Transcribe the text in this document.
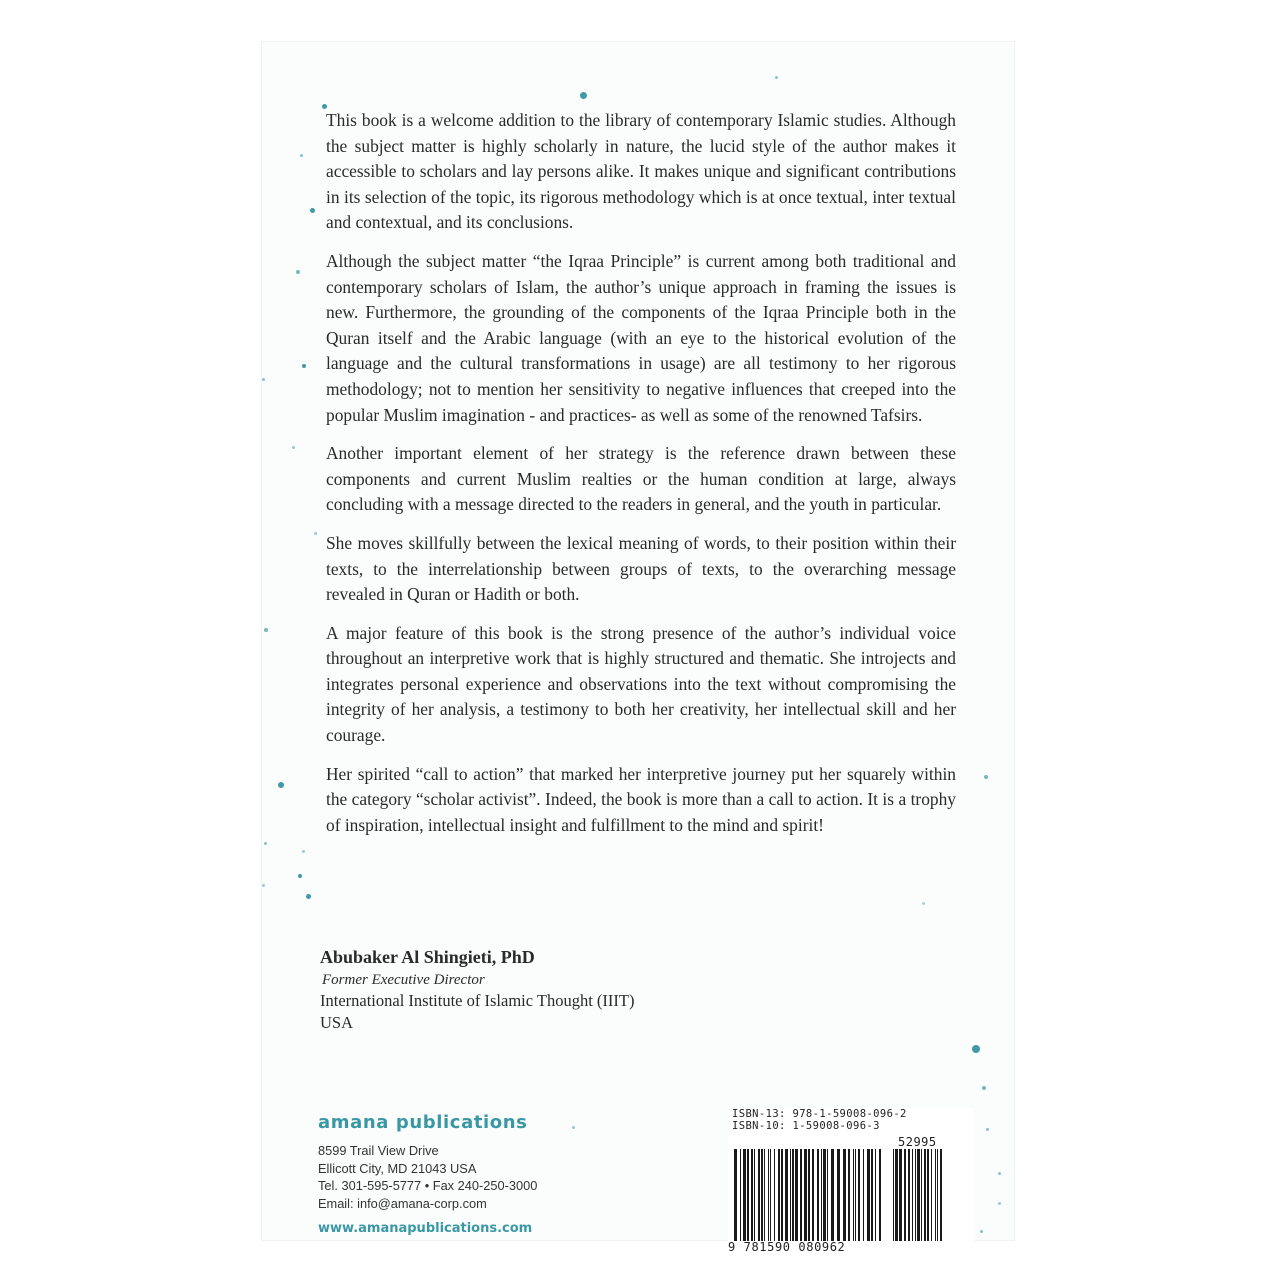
This book is a welcome addition to the library of contemporary Islamic studies. Although the subject matter is highly scholarly in nature, the lucid style of the author makes it accessible to scholars and lay persons alike. It makes unique and significant contributions in its selection of the topic, its rigorous methodology which is at once textual, inter textual and contextual, and its conclusions.

Although the subject matter “the Iqraa Principle” is current among both traditional and contemporary scholars of Islam, the author’s unique approach in framing the issues is new. Furthermore, the grounding of the components of the Iqraa Principle both in the Quran itself and the Arabic language (with an eye to the historical evolution of the language and the cultural transformations in usage) are all testimony to her rigorous methodology; not to mention her sensitivity to negative influences that creeped into the popular Muslim imagination - and practices- as well as some of the renowned Tafsirs.

Another important element of her strategy is the reference drawn between these components and current Muslim realties or the human condition at large, always concluding with a message directed to the readers in general, and the youth in particular.

She moves skillfully between the lexical meaning of words, to their position within their texts, to the interrelationship between groups of texts, to the overarching message revealed in Quran or Hadith or both.

A major feature of this book is the strong presence of the author’s individual voice throughout an interpretive work that is highly structured and thematic. She introjects and integrates personal experience and observations into the text without compromising the integrity of her analysis, a testimony to both her creativity, her intellectual skill and her courage.

Her spirited “call to action” that marked her interpretive journey put her squarely within the category “scholar activist”. Indeed, the book is more than a call to action. It is a trophy of inspiration, intellectual insight and fulfillment to the mind and spirit!

Abubaker Al Shingieti, PhD
Former Executive Director
International Institute of Islamic Thought (IIIT)
USA
amana publications
8599 Trail View Drive
Ellicott City, MD 21043 USA
Tel. 301-595-5777 • Fax 240-250-3000
Email: info@amana-corp.com
www.amanapublications.com
ISBN-13: 978-1-59008-096-2
ISBN-10: 1-59008-096-3
52995
9 781590 080962
